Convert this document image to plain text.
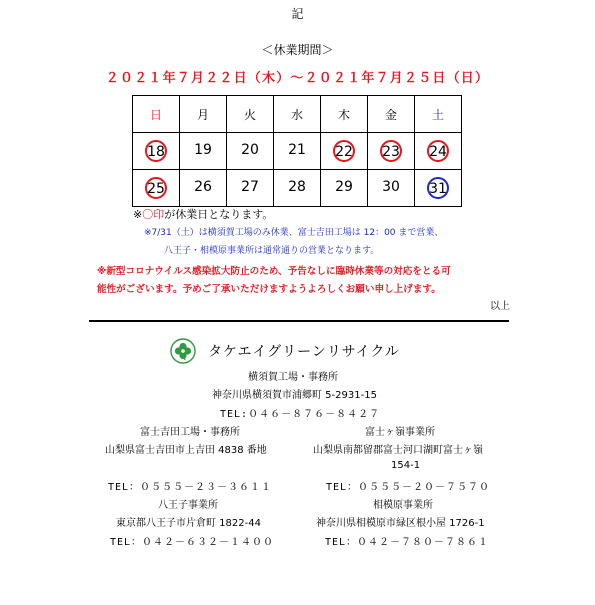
記
＜休業期間＞
２０２１年７月２２日（木）～２０２１年７月２５日（日）
日	月	火	水	木	金	土
18	19	20	21	22	23	24
25	26	27	28	29	30	31
※〇印が休業日となります。
※7/31（土）は横須賀工場のみ休業、富士吉田工場は 12：00 まで営業、
八王子・相模原事業所は通常通りの営業となります。
※新型コロナウイルス感染拡大防止のため、予告なしに臨時休業等の対応をとる可
能性がございます。予めご了承いただけますようよろしくお願い申し上げます。
以上
タケエイグリーンリサイクル
横須賀工場・事務所
神奈川県横須賀市浦郷町 5-2931-15
TEL:０４６－８７６－８４２７
富士吉田工場・事務所
山梨県富士吉田市上吉田 4838 番地
TEL：０５５５－２３－３６１１
富士ヶ嶺事業所
山梨県南都留郡富士河口湖町富士ヶ嶺
154-1
TEL：０５５５－２０－７５７０
八王子事業所
東京都八王子市片倉町 1822-44
TEL：０４２－６３２－１４００
相模原事業所
神奈川県相模原市緑区根小屋 1726-1
TEL：０４２－７８０－７８６１
